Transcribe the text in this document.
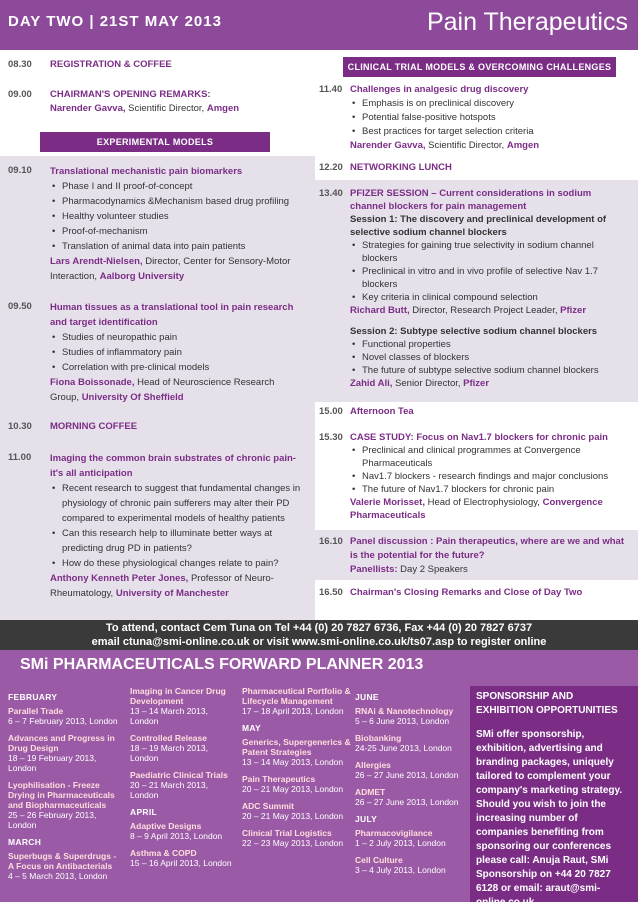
DAY TWO | 21ST MAY 2013	Pain Therapeutics
08.30 REGISTRATION & COFFEE
09.00 CHAIRMAN'S OPENING REMARKS:
Narender Gavva, Scientific Director, Amgen
EXPERIMENTAL MODELS
09.10 Translational mechanistic pain biomarkers
• Phase I and II proof-of-concept
• Pharmacodynamics &Mechanism based drug profiling
• Healthy volunteer studies
• Proof-of-mechanism
• Translation of animal data into pain patients
Lars Arendt-Nielsen, Director, Center for Sensory-Motor Interaction, Aalborg University
09.50 Human tissues as a translational tool in pain research and target identification
• Studies of neuropathic pain
• Studies of inflammatory pain
• Correlation with pre-clinical models
Fiona Boissonade, Head of Neuroscience Research Group, University Of Sheffield
10.30 MORNING COFFEE
11.00 Imaging the common brain substrates of chronic pain- it's all anticipation
• Recent research to suggest that fundamental changes in physiology of chronic pain sufferers may alter their PD compared to experimental models of healthy patients
• Can this research help to illuminate better ways at predicting drug PD in patients?
• How do these physiological changes relate to pain?
Anthony Kenneth Peter Jones, Professor of Neuro-Rheumatology, University of Manchester
CLINICAL TRIAL MODELS & OVERCOMING CHALLENGES
11.40 Challenges in analgesic drug discovery
• Emphasis is on preclinical discovery
• Potential false-positive hotspots
• Best practices for target selection criteria
Narender Gavva, Scientific Director, Amgen
12.20 NETWORKING LUNCH
13.40 PFIZER SESSION – Current considerations in sodium channel blockers for pain management
Session 1: The discovery and preclinical development of selective sodium channel blockers
• Strategies for gaining true selectivity in sodium channel blockers
• Preclinical in vitro and in vivo profile of selective Nav 1.7 blockers
• Key criteria in clinical compound selection
Richard Butt, Director, Research Project Leader, Pfizer
Session 2: Subtype selective sodium channel blockers
• Functional properties
• Novel classes of blockers
• The future of subtype selective sodium channel blockers
Zahid Ali, Senior Director, Pfizer
15.00 Afternoon Tea
15.30 CASE STUDY: Focus on Nav1.7 blockers for chronic pain
• Preclinical and clinical programmes at Convergence Pharmaceuticals
• Nav1.7 blockers - research findings and major conclusions
• The future of Nav1.7 blockers for chronic pain
Valerie Morisset, Head of Electrophysiology, Convergence Pharmaceuticals
16.10 Panel discussion : Pain therapeutics, where are we and what is the potential for the future?
Panellists: Day 2 Speakers
16.50 Chairman's Closing Remarks and Close of Day Two
To attend, contact Cem Tuna on Tel +44 (0) 20 7827 6736, Fax +44 (0) 20 7827 6737
email ctuna@smi-online.co.uk or visit www.smi-online.co.uk/ts07.asp to register online
SMi PHARMACEUTICALS FORWARD PLANNER 2013
FEBRUARY
Parallel Trade
6 – 7 February 2013, London
Advances and Progress in Drug Design
18 – 19 February 2013, London
Lyophilisation - Freeze Drying in Pharmaceuticals and Biopharmaceuticals
25 – 26 February 2013, London
MARCH
Superbugs & Superdrugs - A Focus on Antibacterials
4 – 5 March 2013, London
Imaging in Cancer Drug Development
13 – 14 March 2013, London
Controlled Release
18 – 19 March 2013, London
Paediatric Clinical Trials
20 – 21 March 2013, London
APRIL
Adaptive Designs
8 – 9 April 2013, London
Asthma & COPD
15 – 16 April 2013, London
Pharmaceutical Portfolio & Lifecycle Management
17 – 18 April 2013, London
MAY
Generics, Supergenerics & Patent Strategies
13 – 14 May 2013, London
Pain Therapeutics
20 – 21 May 2013, London
ADC Summit
20 – 21 May 2013, London
Clinical Trial Logistics
22 – 23 May 2013, London
JUNE
RNAi & Nanotechnology
5 – 6 June 2013, London
Biobanking
24-25 June 2013, London
Allergies
26 – 27 June 2013, London
ADMET
26 – 27 June 2013, London
JULY
Pharmacovigilance
1 – 2 July 2013, London
Cell Culture
3 – 4 July 2013, London
SPONSORSHIP AND EXHIBITION OPPORTUNITIES
SMi offer sponsorship, exhibition, advertising and branding packages, uniquely tailored to complement your company's marketing strategy. Should you wish to join the increasing number of companies benefiting from sponsoring our conferences please call: Anuja Raut, SMi Sponsorship on +44 20 7827 6128 or email: araut@smi-online.co.uk
